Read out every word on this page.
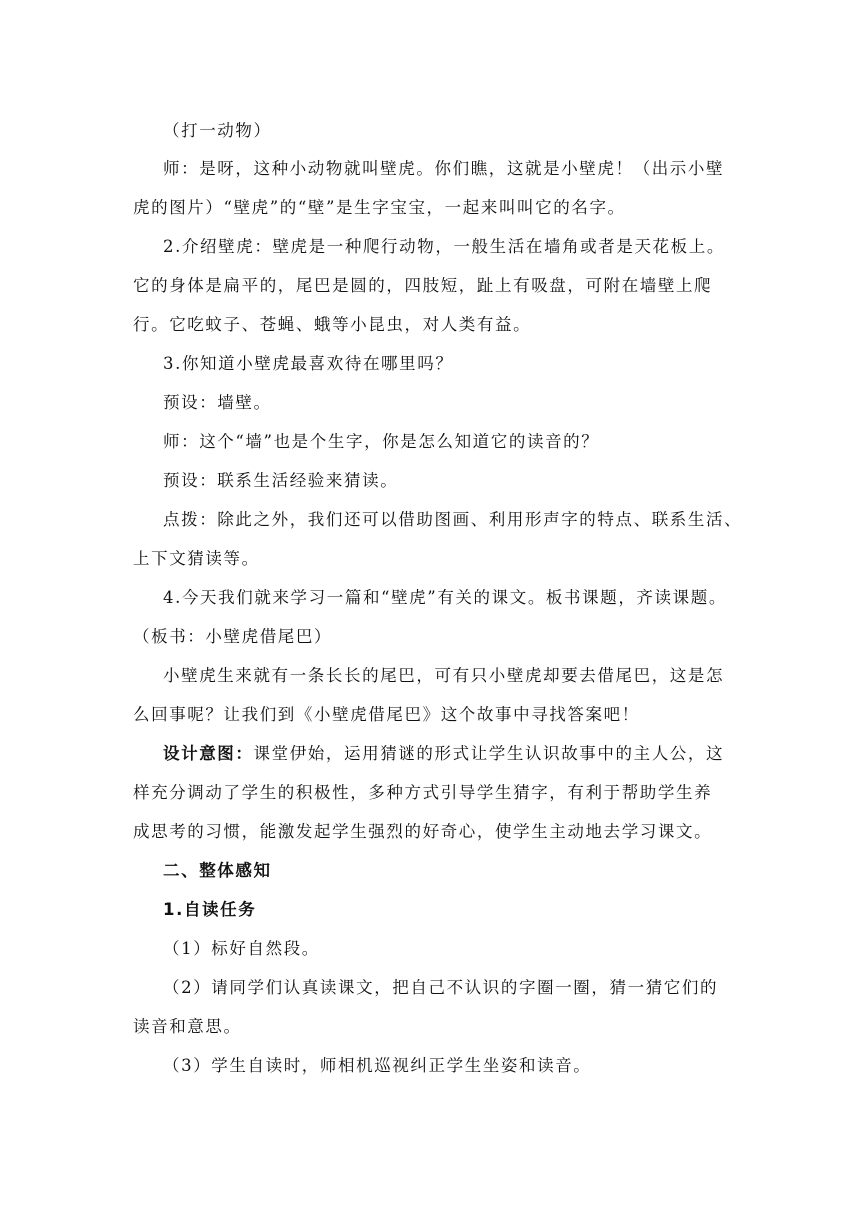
（打一动物）
师：是呀，这种小动物就叫壁虎。你们瞧，这就是小壁虎！（出示小壁
虎的图片）“壁虎”的“壁”是生字宝宝，一起来叫叫它的名字。
2.介绍壁虎：壁虎是一种爬行动物，一般生活在墙角或者是天花板上。
它的身体是扁平的，尾巴是圆的，四肢短，趾上有吸盘，可附在墙壁上爬
行。它吃蚊子、苍蝇、蛾等小昆虫，对人类有益。
3.你知道小壁虎最喜欢待在哪里吗？
预设：墙壁。
师：这个“墙”也是个生字，你是怎么知道它的读音的？
预设：联系生活经验来猜读。
点拨：除此之外，我们还可以借助图画、利用形声字的特点、联系生活、
上下文猜读等。
4.今天我们就来学习一篇和“壁虎”有关的课文。板书课题，齐读课题。
（板书：小壁虎借尾巴）
小壁虎生来就有一条长长的尾巴，可有只小壁虎却要去借尾巴，这是怎
么回事呢？让我们到《小壁虎借尾巴》这个故事中寻找答案吧！
设计意图：课堂伊始，运用猜谜的形式让学生认识故事中的主人公，这
样充分调动了学生的积极性，多种方式引导学生猜字，有利于帮助学生养
成思考的习惯，能激发起学生强烈的好奇心，使学生主动地去学习课文。
二、整体感知
1.自读任务
（1）标好自然段。
（2）请同学们认真读课文，把自己不认识的字圈一圈，猜一猜它们的
读音和意思。
（3）学生自读时，师相机巡视纠正学生坐姿和读音。
